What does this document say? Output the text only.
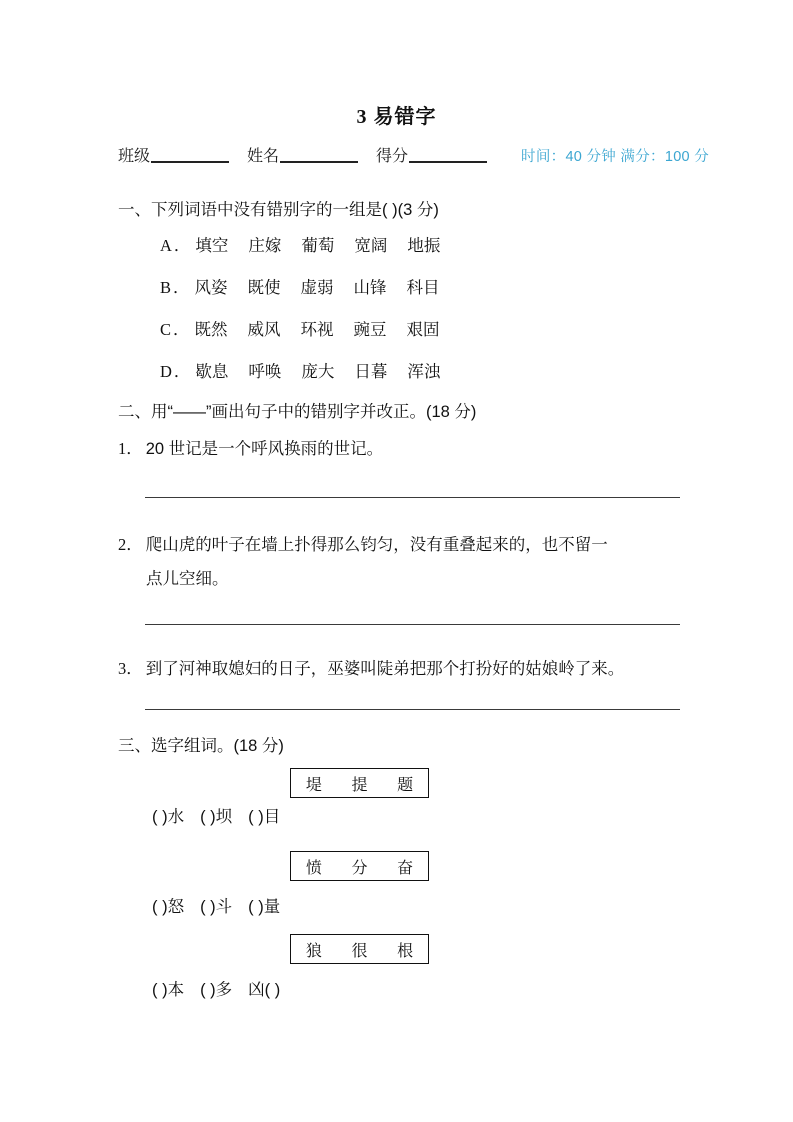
3 易错字
班级	姓名	得分	时间：40 分钟 满分：100 分
一、下列词语中没有错别字的一组是( )(3 分)
A ． 填空 庄嫁 葡萄 宽阔 地振
B ． 风姿 既使 虚弱 山锋 科目
C ． 既然 威风 环视 豌豆 艰固
D ． 歇息 呼唤 庞大 日暮 浑浊
二、用“——”画出句子中的错别字并改正。(18 分)
1． 20 世记是一个呼风换雨的世记。
2． 爬山虎的叶子在墙上扑得那么钧匀，没有重叠起来的，也不留一
点儿空细。
3． 到了河神取媳妇的日子，巫婆叫陡弟把那个打扮好的姑娘岭了来。
三、选字组词。(18 分)
堤 提 题
( )水 ( )坝 ( )目
愤 分 奋
( )怒 ( )斗 ( )量
狼 很 根
( )本 ( )多 凶( )
